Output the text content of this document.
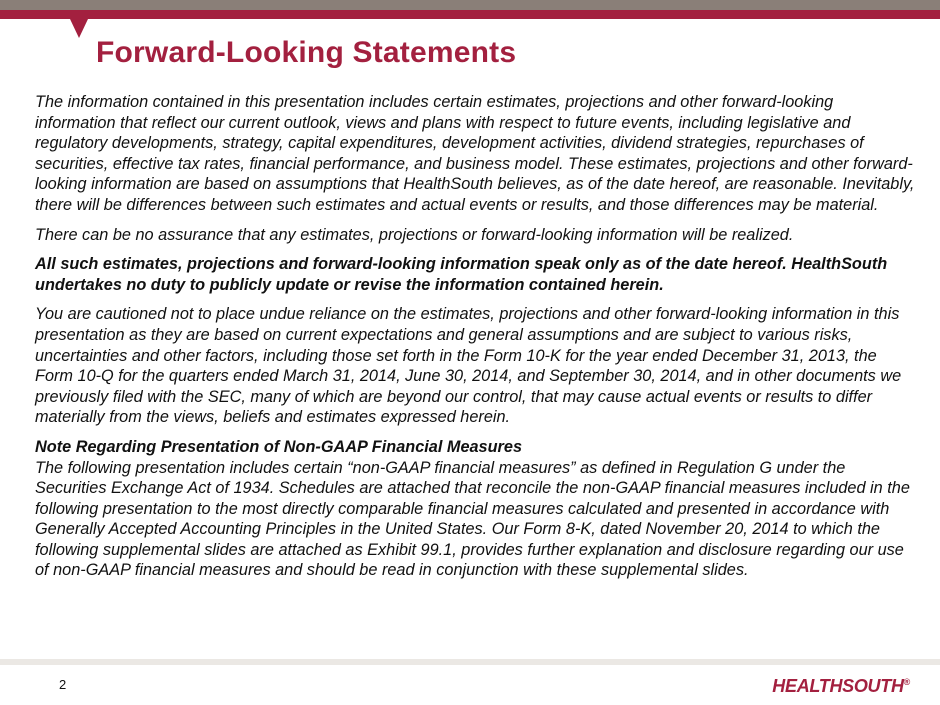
Forward-Looking Statements

The information contained in this presentation includes certain estimates, projections and other forward-looking information that reflect our current outlook, views and plans with respect to future events, including legislative and regulatory developments, strategy, capital expenditures, development activities, dividend strategies, repurchases of securities, effective tax rates, financial performance, and business model. These estimates, projections and other forward-looking information are based on assumptions that HealthSouth believes, as of the date hereof, are reasonable. Inevitably, there will be differences between such estimates and actual events or results, and those differences may be material.

There can be no assurance that any estimates, projections or forward-looking information will be realized.

All such estimates, projections and forward-looking information speak only as of the date hereof. HealthSouth undertakes no duty to publicly update or revise the information contained herein.

You are cautioned not to place undue reliance on the estimates, projections and other forward-looking information in this presentation as they are based on current expectations and general assumptions and are subject to various risks, uncertainties and other factors, including those set forth in the Form 10-K for the year ended December 31, 2013, the Form 10-Q for the quarters ended March 31, 2014, June 30, 2014, and September 30, 2014, and in other documents we previously filed with the SEC, many of which are beyond our control, that may cause actual events or results to differ materially from the views, beliefs and estimates expressed herein.

Note Regarding Presentation of Non-GAAP Financial Measures
The following presentation includes certain “non-GAAP financial measures” as defined in Regulation G under the Securities Exchange Act of 1934. Schedules are attached that reconcile the non-GAAP financial measures included in the following presentation to the most directly comparable financial measures calculated and presented in accordance with Generally Accepted Accounting Principles in the United States. Our Form 8-K, dated November 20, 2014 to which the following supplemental slides are attached as Exhibit 99.1, provides further explanation and disclosure regarding our use of non-GAAP financial measures and should be read in conjunction with these supplemental slides.

2	HEALTHSOUTH®
